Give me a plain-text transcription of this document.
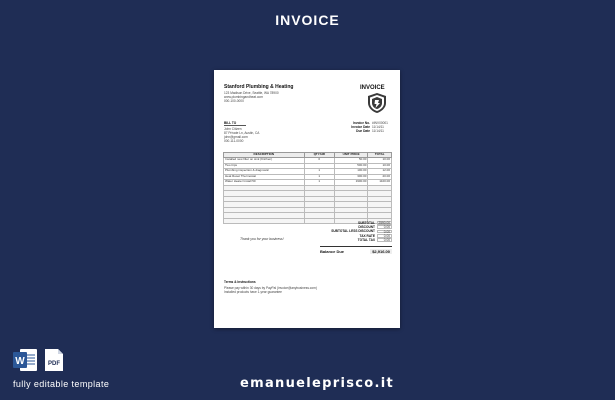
INVOICE
Stanford Plumbing & Heating
123 Madison Drive, Seattle, WA 78900
www.plumbingandheat.com
000-100-0000
INVOICE
BILL TO
John Citizen
87 Private Ln, Austin, CA
john@gmail.com
000-111-0000
Invoice No. #INV00001
Invoice Date 11/14/11
Due Date 11/14/11
DESCRIPTION	QTY/HR	UNIT PRICE	TOTAL
Installed new filter on sink (Kitchen)	0	50.00	10.00
Two trips		500.00	10.00
Plumbing inspection & diagnostic	1	100.00	12.00
Heat Reset Thermostat	1	300.00	20.00
Water Heater Install 50	1	1900.00	1100.00

SUBTOTAL	2590.00
DISCOUNT	0.00
SUBTOTAL LESS DISCOUNT	0.00
TAX RATE	0.00
TOTAL TAX	0.00
Thank you for your business!
Balance Due	$2,916.00
Terms & Instructions
Please pay within 30 days by PayPal (invoice@anybusiness.com)
Installed products have 1-year guarantee
W	PDF
fully editable template	emanueleprisco.it
